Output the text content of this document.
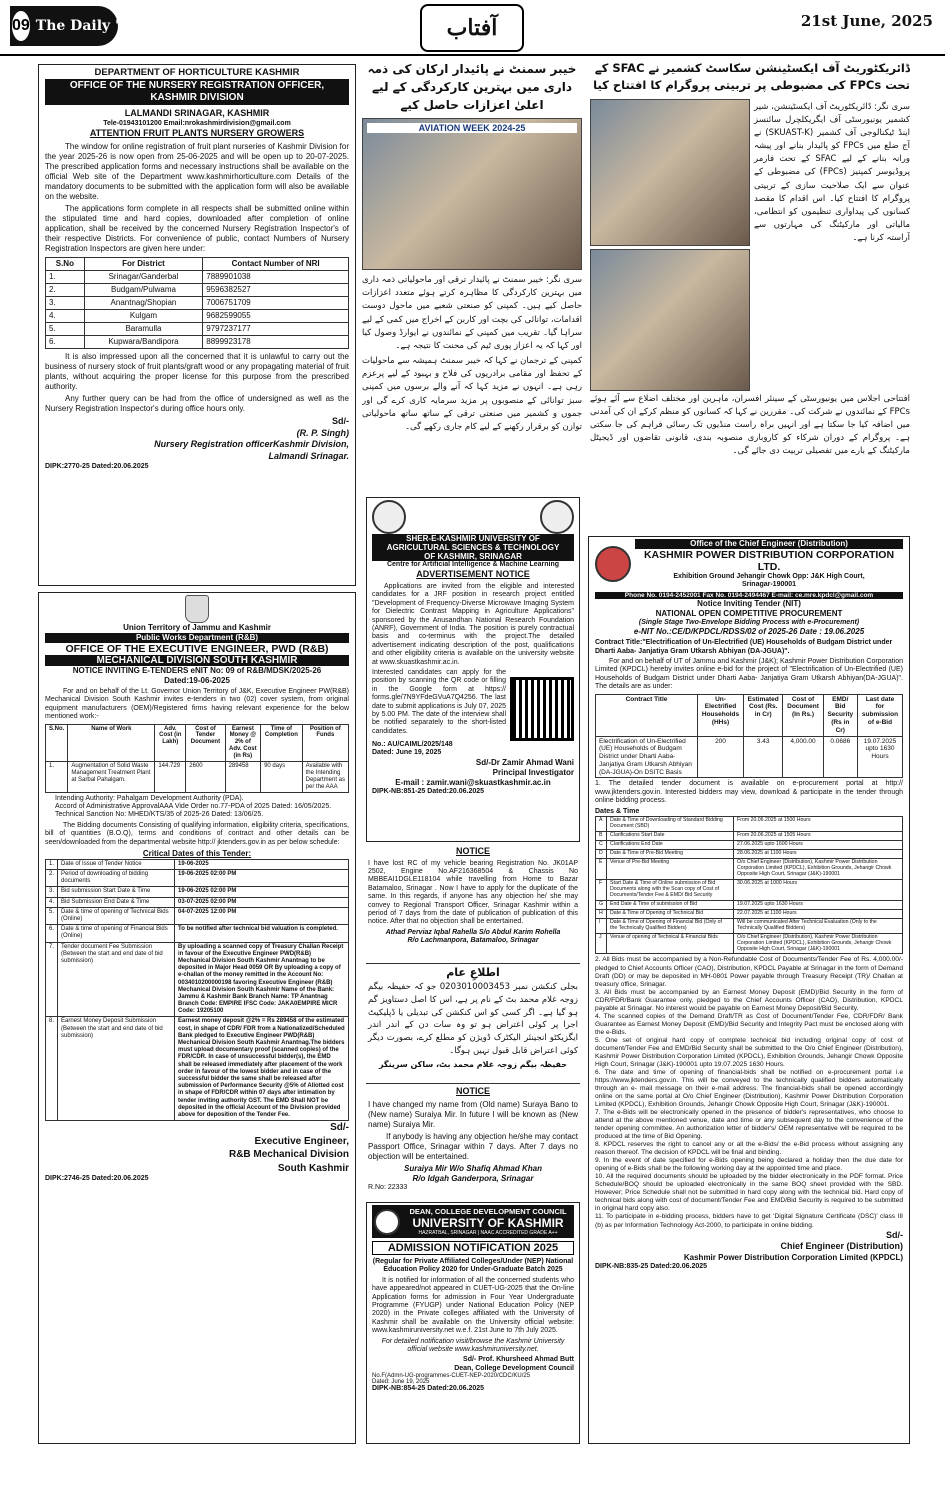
09 The Daily "AFTAB"	آفتاب	21st June, 2025
DEPARTMENT OF HORTICULTURE KASHMIR
OFFICE OF THE NURSERY REGISTRATION OFFICER, KASHMIR DIVISION
LALMANDI SRINAGAR, KASHMIR
Tele-01943101200 Email:nrokashmirdivision@gmail.com
ATTENTION FRUIT PLANTS NURSERY GROWERS

The window for online registration of fruit plant nurseries of Kashmir Division for the year 2025-26 is now open from 25-06-2025 and will be open up to 20-07-2025. The prescribed application forms and necessary instructions shall be available on the official Web site of the Department www.kashmirhorticulture.com Details of the mandatory documents to be submitted with the application form will also be available on the website.

The applications form complete in all respects shall be submitted online within the stipulated time and hard copies, downloaded after completion of online application, shall be received by the concerned Nursery Registration Inspector's of their respective Districts. For convenience of public, contact Numbers of Nursery Registration Inspectors are given here under:

S.No	For District	Contact Number of NRI
1.	Srinagar/Ganderbal	7889901038
2.	Budgam/Pulwama	9596382527
3.	Anantnag/Shopian	7006751709
4.	Kulgam	9682599055
5.	Baramulla	9797237177
6.	Kupwara/Bandipora	8899923178

It is also impressed upon all the concerned that it is unlawful to carry out the business of nursery stock of fruit plants/graft wood or any propagating material of fruit plants, without acquiring the proper license for this purpose from the prescribed authority.

Any further query can be had from the office of undersigned as well as the Nursery Registration Inspector's during office hours only.

Sd/-
(R. P. Singh)
Nursery Registration officerKashmir Division,
Lalmandi Srinagar.
DIPK:2770-25 Dated:20.06.2025
Union Territory of Jammu and Kashmir
Public Works Department (R&B)
OFFICE OF THE EXECUTIVE ENGINEER, PWD (R&B)
MECHANICAL DIVISION SOUTH KASHMIR
NOTICE INVITING E-TENDERS eNIT No: 09 of R&B/MDSK/2025-26
Dated:19-06-2025

For and on behalf of the Lt. Governor Union Territory of J&K, Executive Engineer PW(R&B) Mechanical Division South Kashmir invites e-tenders in two (02) cover system, from original equipment manufacturers (OEM)/Registered firms having relevant experience for the below mentioned work:-

S.No.	Name of Work	Adv. Cost (in Lakh)	Cost of Tender Document	Earnest Money @ 2% of Adv. Cost (in Rs)	Time of Completion	Position of Funds
1.	Augmentation of Solid Waste Management Treatment Plant at Sarbal Pahalgam.	144.729	2600	289458	90 days	Available with the Intending Department as per the AAA
Intending Authority: Pahalgam Development Authority (PDA).
Accord of Administrative ApprovalAAA Vide Order no.77-PDA of 2025 Dated: 16/05/2025.
Technical Sanction No: MHED/KTS/35 of 2025-26 Dated: 13/06/25.

The Bidding documents Consisting of qualifying information, eligibility criteria, specifications, bill of quantities (B.O.Q), terms and conditions of contract and other details can be seen/downloaded from the departmental website http:// jktenders.gov.in as per below schedule:

Critical Dates of this Tender:
1.	Date of Issue of Tender Notice	19-06-2025
2.	Period of downloading of bidding documents	19-06-2025 02:00 PM
3.	Bid submission Start Date & Time	19-06-2025 02:00 PM
4.	Bid Submission End Date & Time	03-07-2025 02:00 PM
5.	Date & time of opening of Technical Bids (Online)	04-07-2025 12:00 PM
6.	Date & time of opening of Financial Bids (Online)	To be notified after technical bid valuation is completed.
7.	Tender document Fee Submission (Between the start and end date of bid submission)	By uploading a scanned copy of Treasury Challan Receipt in favour of the Executive Engineer PWD(R&B) Mechanical Division South Kashmir Anantnag to be deposited in Major Head 0059 OR By uploading a copy of e-challan of the money remitted in the Account No: 0034010200000198 favoring Executive Engineer (R&B) Mechanical Division South Kashmir Name of the Bank: Jammu & Kashmir Bank Branch Name: TP Anantnag Branch Code: EMPIRE IFSC Code: JAKA0EMPIRE MICR Code: 19205100
8.	Earnest Money Deposit Submission (Between the start and end date of bid submission)	Earnest money deposit @2% = Rs 289458 of the estimated cost, in shape of CDR/ FDR from a Nationalized/Scheduled Bank pledged to Executive Engineer PWD(R&B) Mechanical Division South Kashmir Anantnag.The bidders must upload documentary proof (scanned copies) of the FDR/CDR. In case of unsuccessful bidder(s), the EMD shall be released immediately after placement of the work order in favour of the lowest bidder and in case of the successful bidder the same shall be released after submission of Performance Security @5% of Allotted cost in shape of FDR/CDR within 07 days after intimation by tender inviting authority GST. The EMD Shall NOT be deposited in the official Account of the Division provided above for deposition of the Tender Fee.
Sd/-
Executive Engineer,
R&B Mechanical Division
South Kashmir
DIPK:2746-25 Dated:20.06.2025
خیبر سمنٹ نے پائیدار ارکان کی ذمہ داری میں بہترین کارکردگی کے لیے اعلیٰ اعزازات حاصل کیے
AVIATION WEEK 2024-25

سری نگر: خیبر سمنٹ نے پائیدار ترقی اور ماحولیاتی ذمہ داری میں بہترین کارکردگی کا مظاہرہ کرتے ہوئے متعدد اعزازات حاصل کیے ہیں۔ کمپنی کو صنعتی شعبے میں ماحول دوست اقدامات، توانائی کی بچت اور کاربن کے اخراج میں کمی کے لیے سراہا گیا۔ تقریب میں کمپنی کے نمائندوں نے ایوارڈ وصول کیا اور کہا کہ یہ اعزاز پوری ٹیم کی محنت کا نتیجہ ہے۔

کمپنی کے ترجمان نے کہا کہ خیبر سمنٹ ہمیشہ سے ماحولیات کے تحفظ اور مقامی برادریوں کی فلاح و بہبود کے لیے پرعزم رہی ہے۔ انہوں نے مزید کہا کہ آنے والے برسوں میں کمپنی سبز توانائی کے منصوبوں پر مزید سرمایہ کاری کرے گی اور جموں و کشمیر میں صنعتی ترقی کے ساتھ ساتھ ماحولیاتی توازن کو برقرار رکھنے کے لیے کام جاری رکھے گی۔

ڈائریکٹوریٹ آف ایکسٹینشن سکاسٹ کشمیر نے SFAC کے تحت FPCs کی مضبوطی پر تربیتی پروگرام کا افتتاح کیا

سری نگر: ڈائریکٹوریٹ آف ایکسٹینشن، شیر کشمیر یونیورسٹی آف ایگریکلچرل سائنسز اینڈ ٹیکنالوجی آف کشمیر (SKUAST-K) نے آج ضلع میں FPCs کو پائیدار بنانے اور پیشہ ورانہ بنانے کے لیے SFAC کے تحت فارمر پروڈیوسر کمپنیز (FPCs) کی مضبوطی کے عنوان سے ایک صلاحیت سازی کے تربیتی پروگرام کا افتتاح کیا۔ اس اقدام کا مقصد کسانوں کی پیداواری تنظیموں کو انتظامی، مالیاتی اور مارکیٹنگ کی مہارتوں سے آراستہ کرنا ہے۔

افتتاحی اجلاس میں یونیورسٹی کے سینئر افسران، ماہرین اور مختلف اضلاع سے آئے ہوئے FPCs کے نمائندوں نے شرکت کی۔ مقررین نے کہا کہ کسانوں کو منظم کرکے ان کی آمدنی میں اضافہ کیا جا سکتا ہے اور انہیں براہ راست منڈیوں تک رسائی فراہم کی جا سکتی ہے۔ پروگرام کے دوران شرکاء کو کاروباری منصوبہ بندی، قانونی تقاضوں اور ڈیجیٹل مارکیٹنگ کے بارے میں تفصیلی تربیت دی جائے گی۔

SHER-E-KASHMIR UNIVERSITY OF
AGRICULTURAL SCIENCES & TECHNOLOGY
OF KASHMIR, SRINAGAR
Centre for Artificial Intelligence & Machine Learning
ADVERTISEMENT NOTICE

Applications are invited from the eligible and interested candidates for a JRF position in research project entitled "Development of Frequency-Diverse Microwave Imaging System for Dielectric Contrast Mapping in Agriculture Applications" sponsored by the Anusandhan National Research Foundation (ANRF), Government of India. The position is purely contractual basis and co-terminus with the project.The detailed advertisement indicating description of the post, qualifications and other eligibility criteria is available on the university website at www.skuastkashmir.ac.in.

Interested candidates can apply for the position by scanning the QR code or filling in the Google form at https:// forms.gle/7N9YFdeGVuA7Q4256. The last date to submit applications is July 07, 2025 by 5.00 PM. The date of the interview shall be notified separately to the short-listed candidates.

No.: AU/CAIML/2025/148
Dated: June 19, 2025
Sd/-Dr Zamir Ahmad Wani
Principal Investigator
E-mail : zamir.wani@skuastkashmir.ac.in
DIPK-NB:851-25 Dated:20.06.2025
NOTICE

I have lost RC of my vehicle bearing Registration No. JK01AP 2502, Engine No.AF216368504 & Chassis No MBBEAI1DGLE118104 while travelling from Home to Bazar Batamaloo, Srinagar . Now I have to apply for the duplicate of the same. In this regards, if anyone has any objection he/ she may convey to Regional Transport Officer, Srinagar Kashmir within a period of 7 days from the date of publication of publication of this notice. After that no objection shall be entertained.

Athad Perviaz Iqbal Rahella S/o Abdul Karim Rohella
R/o Lachmanpora, Batamaloo, Srinagar
اطلاعِ عام

بجلی کنکشن نمبر 0203010003453 جو کہ حفیظہ بیگم زوجہ غلام محمد بٹ کے نام پر ہے، اس کا اصل دستاویز گم ہو گیا ہے۔ اگر کسی کو اس کنکشن کی تبدیلی یا ڈپلیکیٹ اجرا پر کوئی اعتراض ہو تو وہ سات دن کے اندر اندر ایگزیکٹو انجینئر الیکٹرک ڈویژن کو مطلع کرے، بصورت دیگر کوئی اعتراض قابل قبول نہیں ہوگا۔

حفیظہ بیگم زوجہ غلام محمد بٹ، ساکن سرینگر
NOTICE

I have changed my name from (Old name) Suraya Bano to (New name) Suraiya Mir. In future I will be known as (New name) Suraiya Mir.

If anybody is having any objection he/she may contact Passport Office, Srinagar within 7 days. After 7 days no objection will be entertained.

Suraiya Mir W/o Shafiq Ahmad Khan
R/o Idgah Ganderpora, Srinagar
R.No: 22333
DEAN, COLLEGE DEVELOPMENT COUNCIL
UNIVERSITY OF KASHMIR
HAZRATBAL, SRINAGAR | NAAC ACCREDITED GRADE A++
ADMISSION NOTIFICATION 2025
(Regular for Private Affiliated Colleges/Under (NEP) National Education Policy 2020 for Under-Graduate Batch 2025

It is notified for information of all the concerned students who have appeared/not appeared in CUET-UG-2025 that the On-line Application forms for admission in Four Year Undergraduate Programme (FYUGP) under National Education Policy (NEP 2020) in the Private colleges affiliated with the University of Kashmir shall be available on the University official website: www.kashmiruniversity.net w.e.f. 21st June to 7th July 2025.

For detailed notification visit/browse the Kashmir University official website www.kashmiruniversity.net.

Sd/- Prof. Khursheed Ahmad Butt
Dean, College Development Council
No.F(Admn-UG-programmes-CUET-NEP-2020/CDC/KU/25
Dated: June 19, 2025
DIPK-NB:854-25 Dated:20.06.2025
Office of the Chief Engineer (Distribution)
KASHMIR POWER DISTRIBUTION CORPORATION LTD.
Exhibition Ground Jehangir Chowk Opp: J&K High Court,
Srinagar-190001
Phone No. 0194-2452001 Fax No. 0194-2494467 E-mail: ce.mre.kpdcl@gmail.com
Notice Inviting Tender (NIT)
NATIONAL OPEN COMPETITIVE PROCUREMENT
(Single Stage Two-Envelope Bidding Process with e-Procurement)
e-NIT No.:CE/D/KPDCL/RDSS/02 of 2025-26 Date : 19.06.2025

Contract Title:"Electrification of Un-Electrified (UE) Households of Budgam District under Dharti Aaba- Janjatiya Gram Utkarsh Abhiyan (DA-JGUA)".

For and on behalf of UT of Jammu and Kashmir (J&K); Kashmir Power Distribution Corporation Limited (KPDCL) hereby invites online e-bid for the project of "Electrification of Un-Electrified (UE) Households of Budgam District under Dharti Aaba- Janjatiya Gram Utkarsh Abhiyan(DA-JGUA)". The details are as under:

Contract Title	Un-Electrified Households (HHs)	Estimated Cost (Rs. in Cr)	Cost of Document (In Rs.)	EMD/ Bid Security (Rs in Cr)	Last date for submission of e-Bid
Electrification of Un-Electrified (UE) Households of Budgam District under Dharti Aaba-Janjatiya Gram Utkarsh Abhiyan (DA-JGUA)-On DSITC Basis	200	3.43	4,000.00	0.0686	19.07.2025 upto 1630 Hours

1. The detailed tender document is available on e-procurement portal at http:// www.jktenders.gov.in. Interested bidders may view, download & participate in the tender through online bidding process.

Dates & Time
A	Date & Time of Downloading of Standard Bidding Document (SBD)	From 20.06.2025 at 1500 Hours
B	Clarifications Start Date	From 20.06.2025 at 1505 Hours
C	Clarifications End Date	27.06.2025 upto 1600 Hours
D	Date & Time of Pre-Bid Meeting	28.06.2025 at 1100 Hours
E	Venue of Pre-Bid Meeting	O/o Chief Engineer (Distribution), Kashmir Power Distribution Corporation Limited (KPDCL), Exhibition Grounds, Jehangir Chowk Opposite High Court, Srinagar (J&K)-190001
F	Start Date & Time of Online submission of Bid Documents along with the Scan copy of Cost of Documents/Tender Fee & EMD/ Bid Security	30.06.2025 at 1000 Hours
G	End Date & Time of submission of Bid	19.07.2025 upto 1630 Hours
H	Date & Time of Opening of Technical Bid	22.07.2025 at 1100 Hours
I	Date & Time of Opening of Financial Bid (Only of the Technically Qualified Bidders)	Will be communicated After Technical Evaluation (Only to the Technically Qualified Bidders)
J	Venue of opening of Technical & Financial Bids	O/o Chief Engineer (Distribution), Kashmir Power Distribution Corporation Limited (KPDCL), Exhibition Grounds, Jehangir Chowk Opposite High Court, Srinagar (J&K)-190001
2. All Bids must be accompanied by a Non-Refundable Cost of Documents/Tender Fee of Rs. 4,000.00/- pledged to Chief Accounts Officer (CAO), Distribution, KPDCL Payable at Srinagar in the form of Demand Draft (DD) or may be deposited in MH-0801 Power payable through Treasury Receipt (TR)/ Challan at treasury office, Srinagar.
3. All Bids must be accompanied by an Earnest Money Deposit (EMD)/Bid Security in the form of CDR/FDR/Bank Guarantee only, pledged to the Chief Accounts Officer (CAO), Distribution, KPDCL payable at Srinagar. No interest would be payable on Earnest Money Deposit/Bid Security.
4. The scanned copies of the Demand Draft/TR as Cost of Document/Tender Fee, CDR/FDR/ Bank Guarantee as Earnest Money Deposit (EMD)/Bid Security and Integrity Pact must be enclosed along with the e-Bids.
5. One set of original hard copy of complete technical bid including original copy of cost of document/Tender Fee and EMD/Bid Security shall be submitted to the O/o Chief Engineer (Distribution), Kashmir Power Distribution Corporation Limited (KPDCL), Exhibition Grounds, Jehangir Chowk Opposite High Court, Srinagar (J&K)-190001 upto 19.07.2025 1630 Hours.
6. The date and time of opening of financial-bids shall be notified on e-procurement portal i.e https://www.jktenders.gov.in. This will be conveyed to the technically qualified bidders automatically through an e- mail message on their e-mail address. The financial-bids shall be opened accordingly online on the same portal at O/o Chief Engineer (Distribution), Kashmir Power Distribution Corporation Limited (KPDCL), Exhibition Grounds, Jehangir Chowk Opposite High Court, Srinagar (J&K)-190001.
7. The e-Bids will be electronically opened in the presence of bidder's representatives, who choose to attend at the above mentioned venue, date and time or any subsequent day to the convenience of the tender opening committee. An authorization letter of bidder's/ OEM representative will be required to be produced at the time of Bid Opening.
8. KPDCL reserves the right to cancel any or all the e-Bids/ the e-Bid process without assigning any reason thereof. The decision of KPDCL will be final and binding.
9. In the event of date specified for e-Bids opening being declared a holiday then the due date for opening of e-Bids shall be the following working day at the appointed time and place.
10. All the required documents should be uploaded by the bidder electronically in the PDF format. Price Schedule/BOQ should be uploaded electronically in the same BOQ sheet provided with the SBD. However; Price Schedule shall not be submitted in hard copy along with the technical bid. Hard copy of technical bids along with cost of document/Tender Fee and EMD/Bid Security is required to be submitted in original hard copy also.
11. To participate in e-bidding process, bidders have to get 'Digital Signature Certificate (DSC)' class III (b) as per Information Technology Act-2000, to participate in online bidding.
Sd/-
Chief Engineer (Distribution)
Kashmir Power Distribution Corporation Limited (KPDCL)
DIPK-NB:835-25 Dated:20.06.2025
